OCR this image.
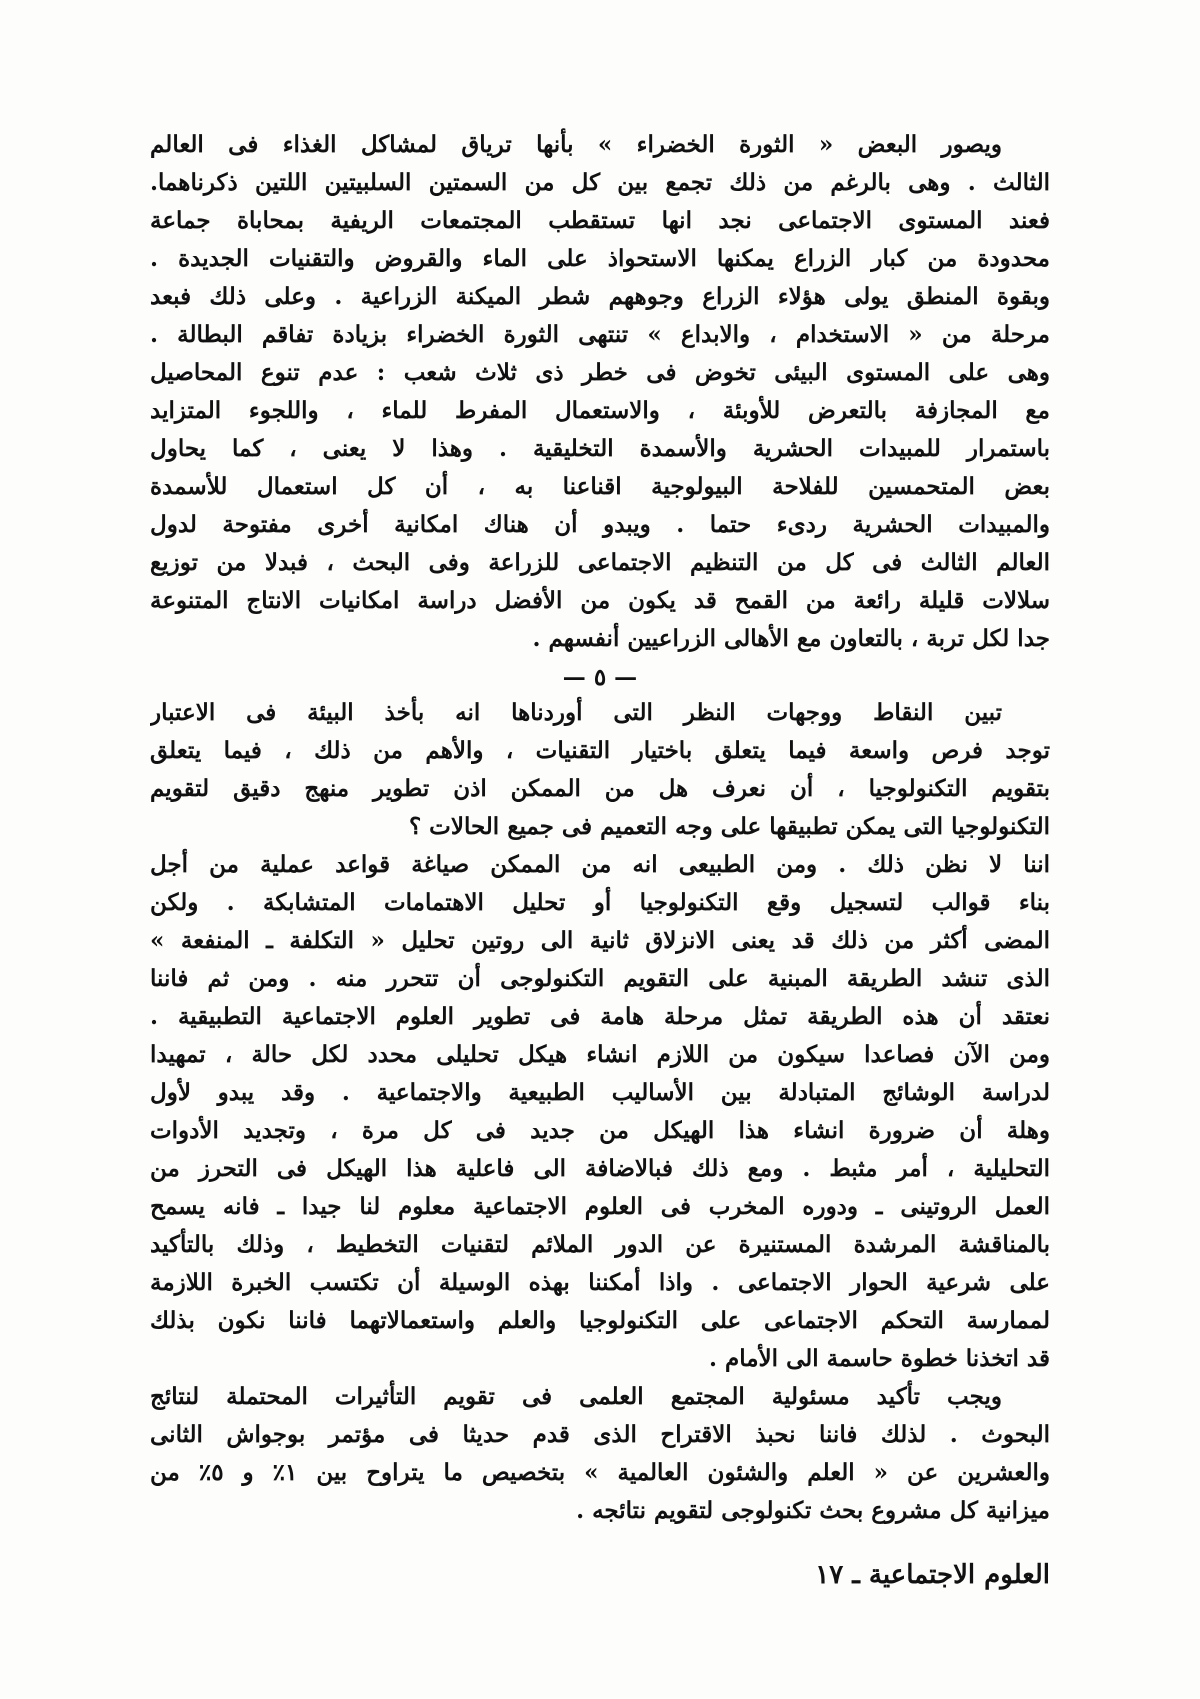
ويصور البعض « الثورة الخضراء » بأنها ترياق لمشاكل الغذاء فى العالم
الثالث . وهى بالرغم من ذلك تجمع بين كل من السمتين السلبيتين اللتين ذكرناهما.
فعند المستوى الاجتماعى نجد انها تستقطب المجتمعات الريفية بمحاباة جماعة
محدودة من كبار الزراع يمكنها الاستحواذ على الماء والقروض والتقنيات الجديدة .
وبقوة المنطق يولى هؤلاء الزراع وجوههم شطر الميكنة الزراعية . وعلى ذلك فبعد
مرحلة من « الاستخدام ، والابداع » تنتهى الثورة الخضراء بزيادة تفاقم البطالة .
وهى على المستوى البيئى تخوض فى خطر ذى ثلاث شعب : عدم تنوع المحاصيل
مع المجازفة بالتعرض للأوبئة ، والاستعمال المفرط للماء ، واللجوء المتزايد
باستمرار للمبيدات الحشرية والأسمدة التخليقية . وهذا لا يعنى ، كما يحاول
بعض المتحمسين للفلاحة البيولوجية اقناعنا به ، أن كل استعمال للأسمدة
والمبيدات الحشرية ردىء حتما . ويبدو أن هناك امكانية أخرى مفتوحة لدول
العالم الثالث فى كل من التنظيم الاجتماعى للزراعة وفى البحث ، فبدلا من توزيع
سلالات قليلة رائعة من القمح قد يكون من الأفضل دراسة امكانيات الانتاج المتنوعة
جدا لكل تربة ، بالتعاون مع الأهالى الزراعيين أنفسهم .
— ٥ —
تبين النقاط ووجهات النظر التى أوردناها انه بأخذ البيئة فى الاعتبار
توجد فرص واسعة فيما يتعلق باختيار التقنيات ، والأهم من ذلك ، فيما يتعلق
بتقويم التكنولوجيا ، أن نعرف هل من الممكن اذن تطوير منهج دقيق لتقويم
التكنولوجيا التى يمكن تطبيقها على وجه التعميم فى جميع الحالات ؟
اننا لا نظن ذلك . ومن الطبيعى انه من الممكن صياغة قواعد عملية من أجل
بناء قوالب لتسجيل وقع التكنولوجيا أو تحليل الاهتمامات المتشابكة . ولكن
المضى أكثر من ذلك قد يعنى الانزلاق ثانية الى روتين تحليل « التكلفة ـ المنفعة »
الذى تنشد الطريقة المبنية على التقويم التكنولوجى أن تتحرر منه . ومن ثم فاننا
نعتقد أن هذه الطريقة تمثل مرحلة هامة فى تطوير العلوم الاجتماعية التطبيقية .
ومن الآن فصاعدا سيكون من اللازم انشاء هيكل تحليلى محدد لكل حالة ، تمهيدا
لدراسة الوشائج المتبادلة بين الأساليب الطبيعية والاجتماعية . وقد يبدو لأول
وهلة أن ضرورة انشاء هذا الهيكل من جديد فى كل مرة ، وتجديد الأدوات
التحليلية ، أمر مثبط . ومع ذلك فبالاضافة الى فاعلية هذا الهيكل فى التحرز من
العمل الروتينى ـ ودوره المخرب فى العلوم الاجتماعية معلوم لنا جيدا ـ فانه يسمح
بالمناقشة المرشدة المستنيرة عن الدور الملائم لتقنيات التخطيط ، وذلك بالتأكيد
على شرعية الحوار الاجتماعى . واذا أمكننا بهذه الوسيلة أن تكتسب الخبرة اللازمة
لممارسة التحكم الاجتماعى على التكنولوجيا والعلم واستعمالاتهما فاننا نكون بذلك
قد اتخذنا خطوة حاسمة الى الأمام .
ويجب تأكيد مسئولية المجتمع العلمى فى تقويم التأثيرات المحتملة لنتائج
البحوث . لذلك فاننا نحبذ الاقتراح الذى قدم حديثا فى مؤتمر بوجواش الثانى
والعشرين عن « العلم والشئون العالمية » بتخصيص ما يتراوح بين ١٪ و ٥٪ من
ميزانية كل مشروع بحث تكنولوجى لتقويم نتائجه .
العلوم الاجتماعية ـ ١٧
